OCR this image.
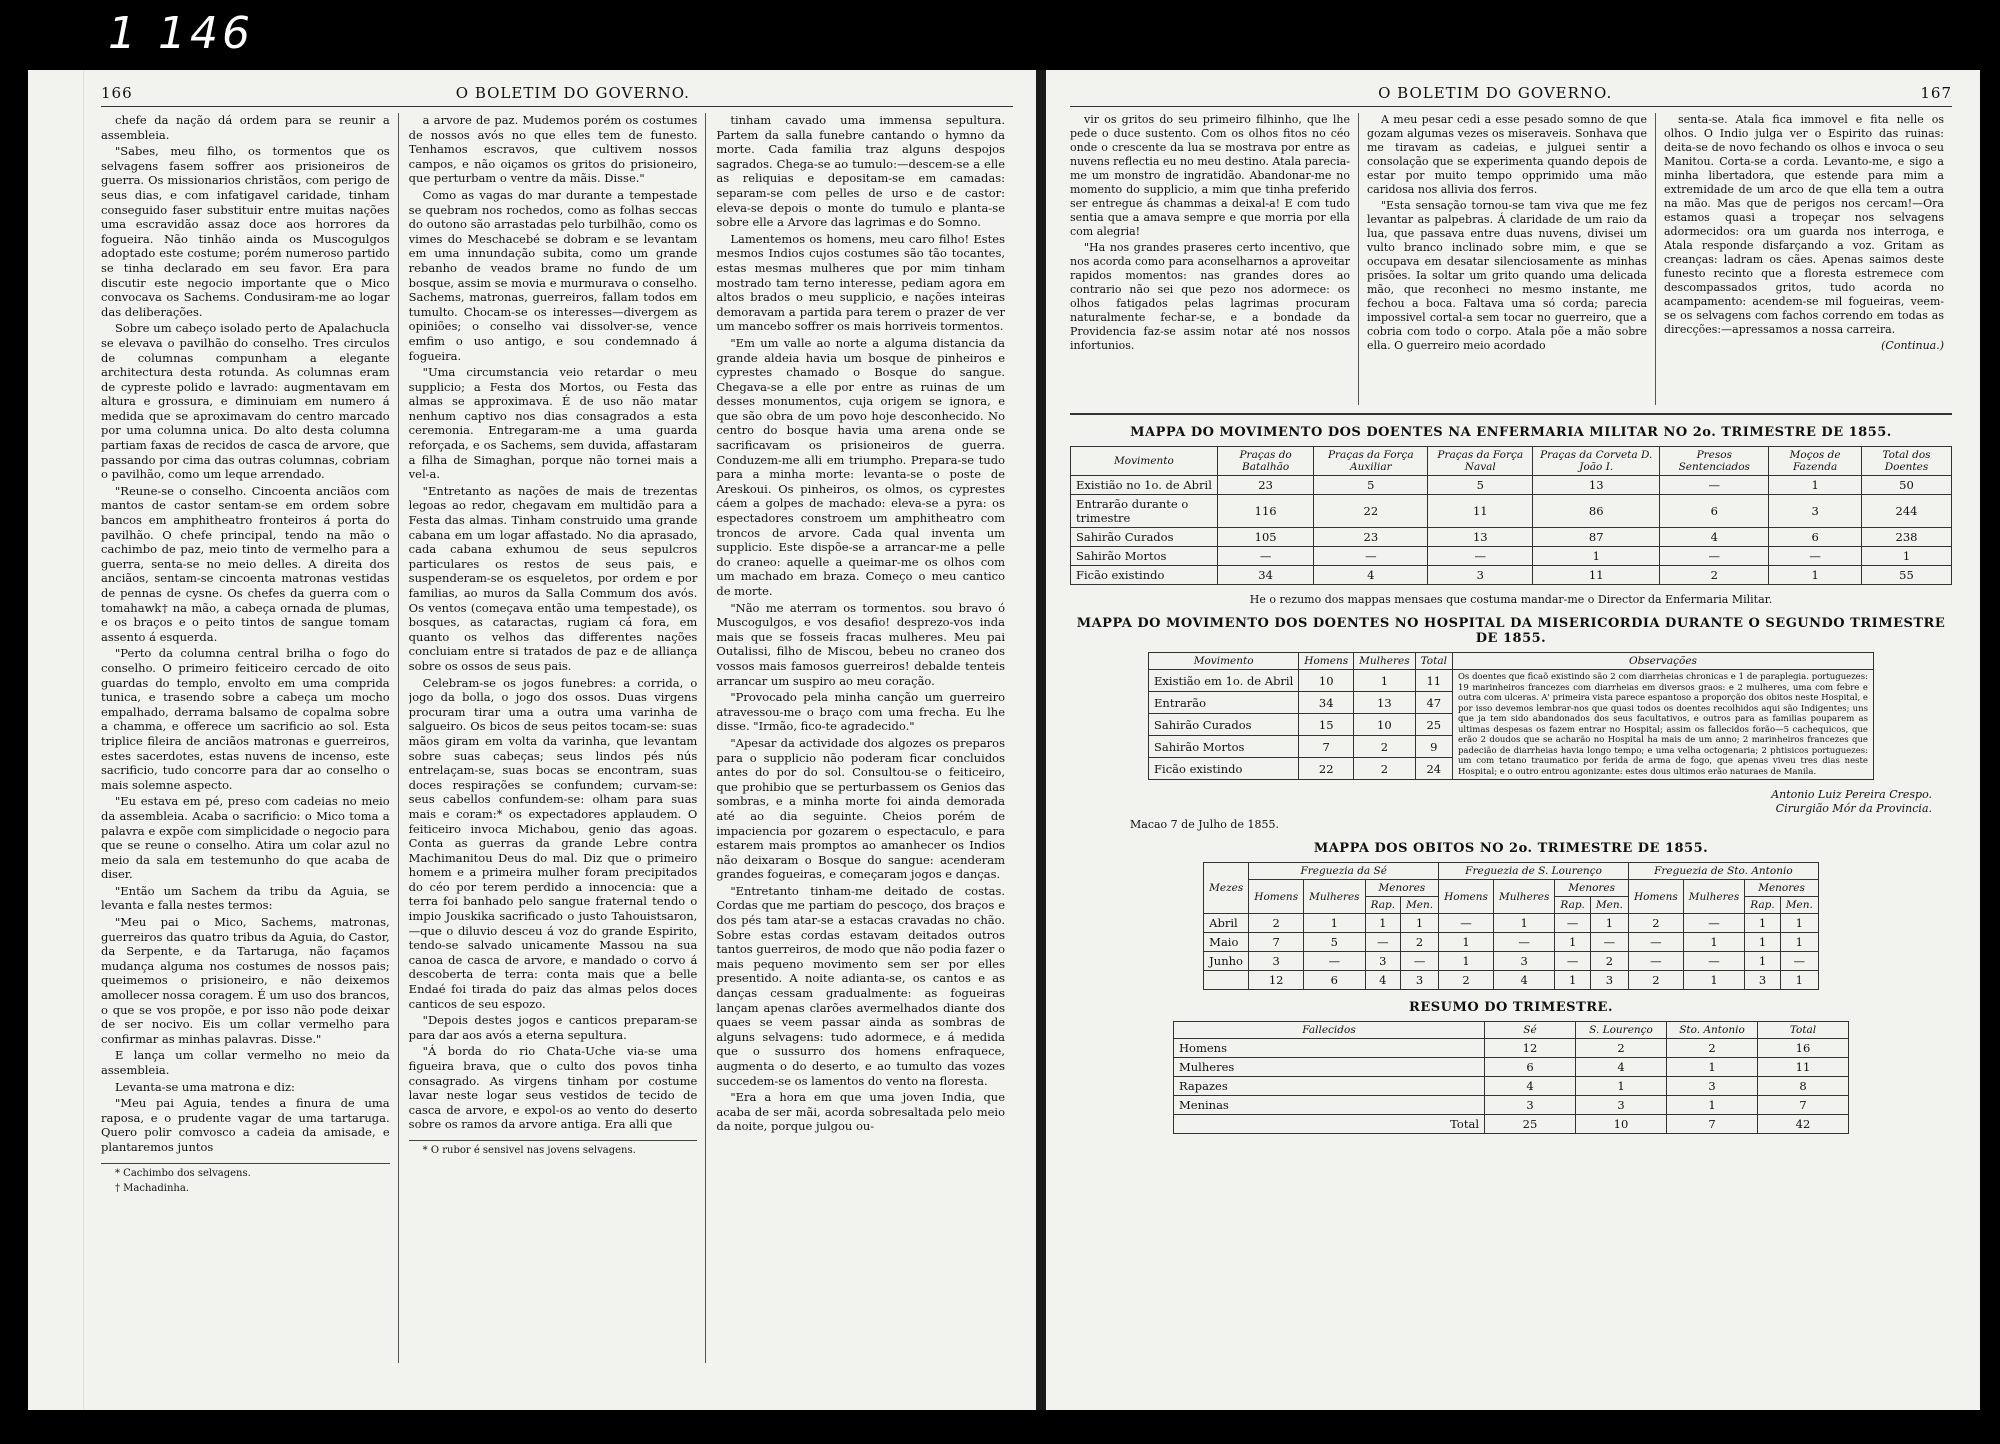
1 146
166	O BOLETIM DO GOVERNO.

chefe da nação dá ordem para se reunir a assembleia.

"Sabes, meu filho, os tormentos que os selvagens fasem soffrer aos prisioneiros de guerra. Os missionarios christãos, com perigo de seus dias, e com infatigavel caridade, tinham conseguido faser substituir entre muitas nações uma escravidão assaz doce aos horrores da fogueira. Não tinhão ainda os Muscogulgos adoptado este costume; porém numeroso partido se tinha declarado em seu favor. Era para discutir este negocio importante que o Mico convocava os Sachems. Condusiram-me ao logar das deliberações.

Sobre um cabeço isolado perto de Apalachucla se elevava o pavilhão do conselho. Tres circulos de columnas compunham a elegante architectura desta rotunda. As columnas eram de cypreste polido e lavrado: augmentavam em altura e grossura, e diminuiam em numero á medida que se aproximavam do centro marcado por uma columna unica. Do alto desta columna partiam faxas de recidos de casca de arvore, que passando por cima das outras columnas, cobriam o pavilhão, como um leque arrendado.

"Reune-se o conselho. Cincoenta anciãos com mantos de castor sentam-se em ordem sobre bancos em amphitheatro fronteiros á porta do pavilhão. O chefe principal, tendo na mão o cachimbo de paz, meio tinto de vermelho para a guerra, senta-se no meio delles. A direita dos anciãos, sentam-se cincoenta matronas vestidas de pennas de cysne. Os chefes da guerra com o tomahawk† na mão, a cabeça ornada de plumas, e os braços e o peito tintos de sangue tomam assento á esquerda.

"Perto da columna central brilha o fogo do conselho. O primeiro feiticeiro cercado de oito guardas do templo, envolto em uma comprida tunica, e trasendo sobre a cabeça um mocho empalhado, derrama balsamo de copalma sobre a chamma, e offerece um sacrificio ao sol. Esta triplice fileira de anciãos matronas e guerreiros, estes sacerdotes, estas nuvens de incenso, este sacrificio, tudo concorre para dar ao conselho o mais solemne aspecto.

"Eu estava em pé, preso com cadeias no meio da assembleia. Acaba o sacrificio: o Mico toma a palavra e expõe com simplicidade o negocio para que se reune o conselho. Atira um colar azul no meio da sala em testemunho do que acaba de diser.

"Então um Sachem da tribu da Aguia, se levanta e falla nestes termos:

"Meu pai o Mico, Sachems, matronas, guerreiros das quatro tribus da Aguia, do Castor, da Serpente, e da Tartaruga, não façamos mudança alguma nos costumes de nossos pais; queimemos o prisioneiro, e não deixemos amollecer nossa coragem. É um uso dos brancos, o que se vos propõe, e por isso não pode deixar de ser nocivo. Eis um collar vermelho para confirmar as minhas palavras. Disse."

E lança um collar vermelho no meio da assembleia.

Levanta-se uma matrona e diz:

"Meu pai Aguia, tendes a finura de uma raposa, e o prudente vagar de uma tartaruga. Quero polir comvosco a cadeia da amisade, e plantaremos juntos

* Cachimbo dos selvagens.

† Machadinha.

a arvore de paz. Mudemos porém os costumes de nossos avós no que elles tem de funesto. Tenhamos escravos, que cultivem nossos campos, e não oiçamos os gritos do prisioneiro, que perturbam o ventre da mãis. Disse."

Como as vagas do mar durante a tempestade se quebram nos rochedos, como as folhas seccas do outono são arrastadas pelo turbilhão, como os vimes do Meschacebé se dobram e se levantam em uma innundação subita, como um grande rebanho de veados brame no fundo de um bosque, assim se movia e murmurava o conselho. Sachems, matronas, guerreiros, fallam todos em tumulto. Chocam-se os interesses—divergem as opiniões; o conselho vai dissolver-se, vence emfim o uso antigo, e sou condemnado á fogueira.

"Uma circumstancia veio retardar o meu supplicio; a Festa dos Mortos, ou Festa das almas se approximava. É de uso não matar nenhum captivo nos dias consagrados a esta ceremonia. Entregaram-me a uma guarda reforçada, e os Sachems, sem duvida, affastaram a filha de Simaghan, porque não tornei mais a vel-a.

"Entretanto as nações de mais de trezentas legoas ao redor, chegavam em multidão para a Festa das almas. Tinham construido uma grande cabana em um logar affastado. No dia aprasado, cada cabana exhumou de seus sepulcros particulares os restos de seus pais, e suspenderam-se os esqueletos, por ordem e por familias, ao muros da Salla Commum dos avós. Os ventos (começava então uma tempestade), os bosques, as cataractas, rugiam cá fora, em quanto os velhos das differentes nações concluiam entre si tratados de paz e de alliança sobre os ossos de seus pais.

Celebram-se os jogos funebres: a corrida, o jogo da bolla, o jogo dos ossos. Duas virgens procuram tirar uma a outra uma varinha de salgueiro. Os bicos de seus peitos tocam-se: suas mãos giram em volta da varinha, que levantam sobre suas cabeças; seus lindos pés nús entrelaçam-se, suas bocas se encontram, suas doces respirações se confundem; curvam-se: seus cabellos confundem-se: olham para suas mais e coram:* os expectadores applaudem. O feiticeiro invoca Michabou, genio das agoas. Conta as guerras da grande Lebre contra Machimanitou Deus do mal. Diz que o primeiro homem e a primeira mulher foram precipitados do céo por terem perdido a innocencia: que a terra foi banhado pelo sangue fraternal tendo o impio Jouskika sacrificado o justo Tahouistsaron,—que o diluvio desceu á voz do grande Espirito, tendo-se salvado unicamente Massou na sua canoa de casca de arvore, e mandado o corvo á descoberta de terra: conta mais que a belle Endaé foi tirada do paiz das almas pelos doces canticos de seu espozo.

"Depois destes jogos e canticos preparam-se para dar aos avós a eterna sepultura.

"Á borda do rio Chata-Uche via-se uma figueira brava, que o culto dos povos tinha consagrado. As virgens tinham por costume lavar neste logar seus vestidos de tecido de casca de arvore, e expol-os ao vento do deserto sobre os ramos da arvore antiga. Era alli que

* O rubor é sensivel nas jovens selvagens.

tinham cavado uma immensa sepultura. Partem da salla funebre cantando o hymno da morte. Cada familia traz alguns despojos sagrados. Chega-se ao tumulo:—descem-se a elle as reliquias e depositam-se em camadas: separam-se com pelles de urso e de castor: eleva-se depois o monte do tumulo e planta-se sobre elle a Arvore das lagrimas e do Somno.

Lamentemos os homens, meu caro filho! Estes mesmos Indios cujos costumes são tão tocantes, estas mesmas mulheres que por mim tinham mostrado tam terno interesse, pediam agora em altos brados o meu supplicio, e nações inteiras demoravam a partida para terem o prazer de ver um mancebo soffrer os mais horriveis tormentos.

"Em um valle ao norte a alguma distancia da grande aldeia havia um bosque de pinheiros e cyprestes chamado o Bosque do sangue. Chegava-se a elle por entre as ruinas de um desses monumentos, cuja origem se ignora, e que são obra de um povo hoje desconhecido. No centro do bosque havia uma arena onde se sacrificavam os prisioneiros de guerra. Conduzem-me alli em triumpho. Preparа-se tudo para a minha morte: levanta-se o poste de Areskoui. Os pinheiros, os olmos, os cyprestes cáem a golpes de machado: eleva-se a pyra: os espectadores constroem um amphitheatro com troncos de arvore. Cada qual inventa um supplicio. Este dispõe-se a arrancar-me a pelle do craneo: aquelle a queimar-me os olhos com um machado em braza. Começo o meu cantico de morte.

"Não me aterram os tormentos. sou bravo ó Muscogulgos, e vos desafio! desprezo-vos inda mais que se fosseis fracas mulheres. Meu pai Outalissi, filho de Miscou, bebeu no craneo dos vossos mais famosos guerreiros! debalde tenteis arrancar um suspiro ao meu coração.

"Provocado pela minha canção um guerreiro atravessou-me o braço com uma frecha. Eu lhe disse. "Irmão, ficо-te agradecido."

"Apesar da actividade dos algozes os preparos para o supplicio não poderam ficar concluidos antes do por do sol. Consultou-se o feiticeiro, que prohibio que se perturbassem os Genios das sombras, e a minha morte foi ainda demorada até ao dia seguinte. Cheios porém de impaciencia por gozarem o espectaculo, e para estarem mais promptos ao amanhecer os Indios não deixaram o Bosque do sangue: acenderam grandes fogueiras, e começaram jogos e danças.

"Entretanto tinham-me deitado de costas. Cordas que me partiam do pescoço, dos braços e dos pés tam atar-se a estacas cravadas no chão. Sobre estas cordas estavam deitados outros tantos guerreiros, de modo que não podia fazer o mais pequeno movimento sem ser por elles presentido. A noite adianta-se, os cantos e as danças cessam gradualmente: as fogueiras lançam apenas clarões avermelhados diante dos quaes se veem passar ainda as sombras de alguns selvagens: tudo adormece, e á medida que o sussurro dos homens enfraquece, augmenta o do deserto, e ao tumulto das vozes succedem-se os lamentos do vento na floresta.

"Era a hora em que uma joven India, que acaba de ser mãi, acorda sobresaltada pelo meio da noite, porque julgou ou-

O BOLETIM DO GOVERNO.	167

vir os gritos do seu primeiro filhinho, que lhe pede o duce sustento. Com os olhos fitos no céo onde o crescente da lua se mostrava por entre as nuvens reflectia eu no meu destino. Atala parecia-me um monstro de ingratidão. Abandonar-me no momento do supplicio, a mim que tinha preferido ser entregue ás chammas a deixal-a! E com tudo sentia que a amava sempre e que morria por ella com alegria!

"Ha nos grandes praseres certo incentivo, que nos acorda como para aconselharnos a aproveitar rapidos momentos: nas grandes dores ao contrario não sei que pezo nos adormece: os olhos fatigados pelas lagrimas procuram naturalmente fechar-se, e a bondade da Providencia faz-se assim notar até nos nossos infortunios.

A meu pesar cedi a esse pesado somno de que gozam algumas vezes os miseraveis. Sonhava que me tiravam as cadeias, e julguei sentir a consolação que se experimenta quando depois de estar por muito tempo opprimido uma mão caridosa nos allivia dos ferros.

"Esta sensação tornou-se tam viva que me fez levantar as palpebras. Á claridade de um raio da lua, que passava entre duas nuvens, divisei um vulto branco inclinado sobre mim, e que se occupava em desatar silenciosamente as minhas prisões. Ia soltar um grito quando uma delicada mão, que reconheci no mesmo instante, me fechou a boca. Faltava uma só corda; parecia impossivel cortal-a sem tocar no guerreiro, que a cobria com todo o corpo. Atala põe a mão sobre ella. O guerreiro meio acordado

senta-se. Atala fica immovel e fita nelle os olhos. O Indio julga ver o Espirito das ruinas: deita-se de novo fechando os olhos e invoca o seu Manitou. Corta-se a corda. Levanto-me, e sigo a minha libertadora, que estende para mim a extremidade de um arco de que ella tem a outra na mão. Mas que de perigos nos cercam!—Ora estamos quasi a tropeçar nos selvagens adormecidos: ora um guarda nos interroga, e Atala responde disfarçando a voz. Gritam as creanças: ladram os cães. Apenas saimos deste funesto recinto que a floresta estremece com descompassados gritos, tudo acorda no acampamento: acendem-se mil fogueiras, veem-se os selvagens com fachos correndo em todas as direcções:—apressamos a nossa carreira.

(Continua.)
MAPPA DO MOVIMENTO DOS DOENTES NA ENFERMARIA MILITAR NO 2o. TRIMESTRE DE 1855.
Movimento	Praças do Batalhão	Praças da Força Auxiliar	Praças da Força Naval	Praças da Corveta D. João I.	Presos Sentenciados	Moços de Fazenda	Total dos Doentes
Existião no 1o. de Abril	23	5	5	13	—	1	50
Entrarão durante o trimestre	116	22	11	86	6	3	244
Sahirão Curados	105	23	13	87	4	6	238
Sahirão Mortos	—	—	—	1	—	—	1
Ficão existindo	34	4	3	11	2	1	55

He o rezumo dos mappas mensaes que costuma mandar-me o Director da Enfermaria Militar.

MAPPA DO MOVIMENTO DOS DOENTES NO HOSPITAL DA MISERICORDIA DURANTE O SEGUNDO TRIMESTRE DE 1855.
Movimento	Homens	Mulheres	Total	Observações
Existião em 1o. de Abril	10	1	11	Os doentes que ficaõ existindo são 2 com diarrheias chronicas e 1 de paraplegia. portuguezes: 19 marinheiros francezes com diarrheias em diversos graos: e 2 mulheres, uma com febre e outra com ulceras. A' primeira vista parece espantoso a proporção dos obitos neste Hospital, e por isso devemos lembrar-nos que quasi todos os doentes recolhidos aqui são Indigentes; uns que ja tem sido abandonados dos seus facultativos, e outros para as familias pouparem as ultimas despesas os fazem entrar no Hospital; assim os fallecidos forão—5 cachequicos, que erão 2 doudos que se acharão no Hospital ha mais de um anno; 2 marinheiros francezes que padecião de diarrheias havia longo tempo; e uma velha octogenaria; 2 phtisicos portuguezes: um com tetano traumatico por ferida de arma de fogo, que apenas viveu tres dias neste Hospital; e o outro entrou agonizante: estes dous ultimos erão naturaes de Manila.
Entrarão	34	13	47	
Sahirão Curados	15	10	25	
Sahirão Mortos	7	2	9	
Ficão existindo	22	2	24	
Antonio Luiz Pereira Crespo.
Cirurgião Mór da Provincia.
Macao 7 de Julho de 1855.
MAPPA DOS OBITOS NO 2o. TRIMESTRE DE 1855.
Mezes	Freguezia da Sé				Freguezia de S. Lourenço				Freguezia de Sto. Antonio			
	Homens	Mulheres	Menores		Homens	Mulheres	Menores		Homens	Mulheres	Menores	
			Rap.	Men.			Rap.	Men.			Rap.	Men.
Abril	2	1	1	1	—	1	—	1	2	—	1	1
Maio	7	5	—	2	1	—	1	—	—	1	1	1
Junho	3	—	3	—	1	3	—	2	—	—	1	—
	12	6	4	3	2	4	1	3	2	1	3	1
RESUMO DO TRIMESTRE.
Fallecidos	Sé	S. Lourenço	Sto. Antonio	Total
Homens	12	2	2	16
Mulheres	6	4	1	11
Rapazes	4	1	3	8
Meninas	3	3	1	7
Total	25	10	7	42
